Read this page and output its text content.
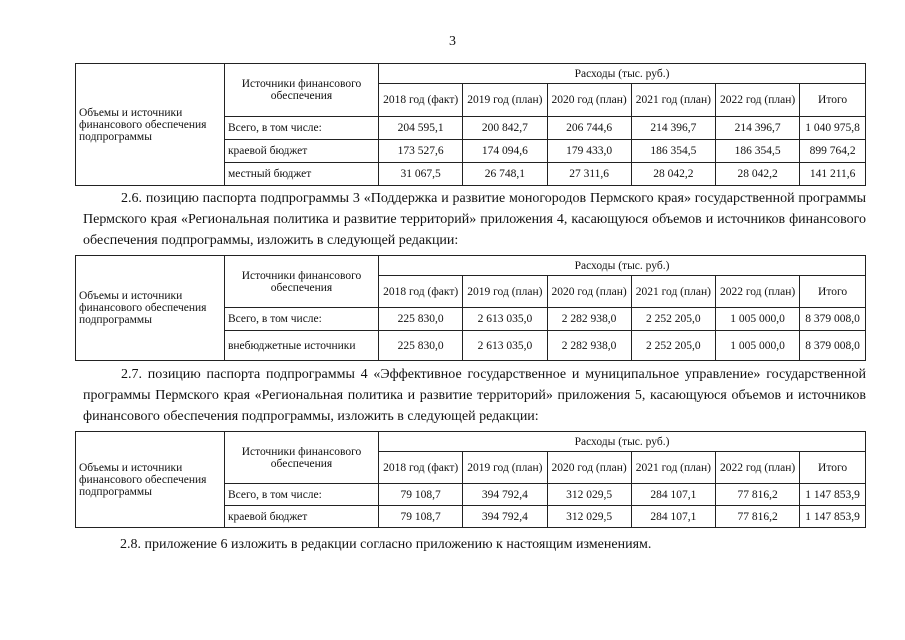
3
Объемы и источники финансового обеспечения подпрограммы	Источники финансового обеспечения	Расходы (тыс. руб.)					
		2018 год (факт)	2019 год (план)	2020 год (план)	2021 год (план)	2022 год (план)	Итого
	Всего, в том числе:	204 595,1	200 842,7	206 744,6	214 396,7	214 396,7	1 040 975,8
	краевой бюджет	173 527,6	174 094,6	179 433,0	186 354,5	186 354,5	899 764,2
	местный бюджет	31 067,5	26 748,1	27 311,6	28 042,2	28 042,2	141 211,6
2.6. позицию паспорта подпрограммы 3 «Поддержка и развитие моногородов Пермского края» государственной программы Пермского края «Региональная политика и развитие территорий» приложения 4, касающуюся объемов и источников финансового обеспечения подпрограммы, изложить в следующей редакции:
Объемы и источники финансового обеспечения подпрограммы	Источники финансового обеспечения	Расходы (тыс. руб.)					
		2018 год (факт)	2019 год (план)	2020 год (план)	2021 год (план)	2022 год (план)	Итого
	Всего, в том числе:	225 830,0	2 613 035,0	2 282 938,0	2 252 205,0	1 005 000,0	8 379 008,0
	внебюджетные источники	225 830,0	2 613 035,0	2 282 938,0	2 252 205,0	1 005 000,0	8 379 008,0
2.7. позицию паспорта подпрограммы 4 «Эффективное государственное и муниципальное управление» государственной программы Пермского края «Региональная политика и развитие территорий» приложения 5, касающуюся объемов и источников финансового обеспечения подпрограммы, изложить в следующей редакции:
Объемы и источники финансового обеспечения подпрограммы	Источники финансового обеспечения	Расходы (тыс. руб.)					
		2018 год (факт)	2019 год (план)	2020 год (план)	2021 год (план)	2022 год (план)	Итого
	Всего, в том числе:	79 108,7	394 792,4	312 029,5	284 107,1	77 816,2	1 147 853,9
	краевой бюджет	79 108,7	394 792,4	312 029,5	284 107,1	77 816,2	1 147 853,9
2.8. приложение 6 изложить в редакции согласно приложению к настоящим изменениям.
